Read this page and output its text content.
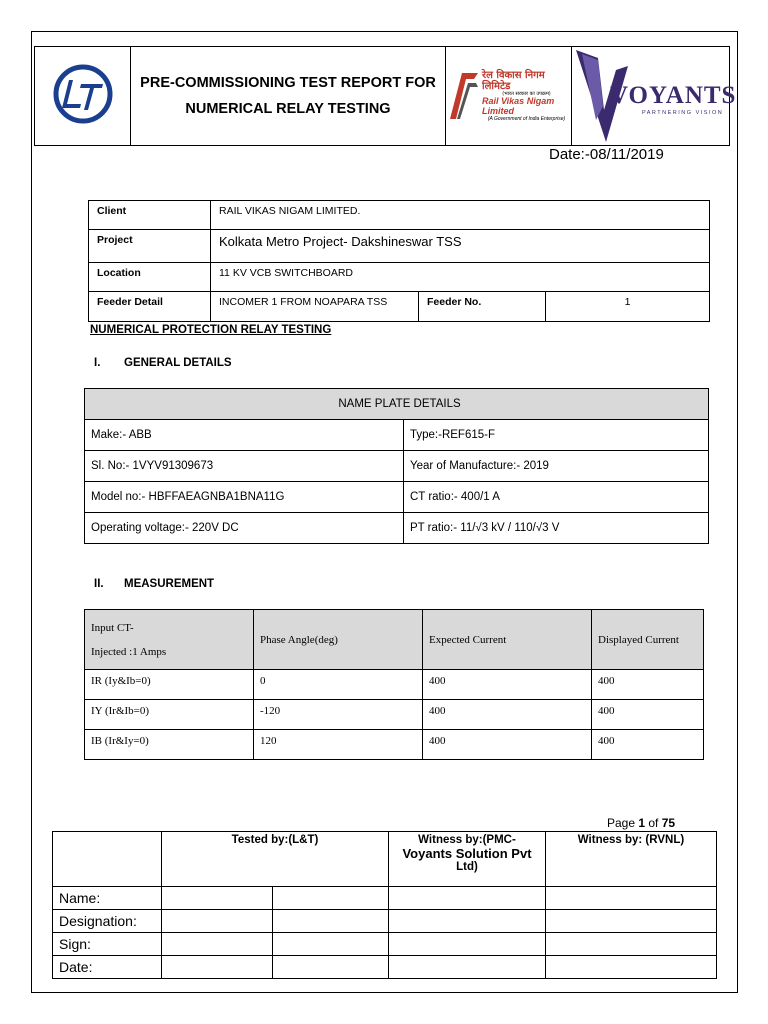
PRE-COMMISSIONING TEST REPORT FOR
NUMERICAL RELAY TESTING

रेल विकास निगम लिमिटेड
(भारत सरकार का उपक्रम)
Rail Vikas Nigam Limited
(A Government of India Enterprise)

VOYANTS
PARTNERING VISION
Date:-08/11/2019
Client	RAIL VIKAS NIGAM LIMITED.		
Project	Kolkata Metro Project- Dakshineswar TSS		
Location	11 KV VCB SWITCHBOARD		
Feeder Detail	INCOMER 1 FROM NOAPARA TSS	Feeder No.	1
NUMERICAL PROTECTION RELAY TESTING
I. GENERAL DETAILS
NAME PLATE DETAILS	
Make:- ABB	Type:-REF615-F
Sl. No:- 1VYV91309673	Year of Manufacture:- 2019
Model no:- HBFFAEAGNBA1BNA11G	CT ratio:- 400/1 A
Operating voltage:- 220V DC	PT ratio:- 11/√3 kV / 110/√3 V
II. MEASUREMENT
Input CT-
Injected :1 Amps	Phase Angle(deg)	Expected Current	Displayed Current
IR (Iy&Ib=0)	0	400	400
IY (Ir&Ib=0)	-120	400	400
IB (Ir&Iy=0)	120	400	400
Page 1 of 75
	Tested by:(L&T)		Witness by:(PMC-
Voyants Solution Pvt
Ltd)	Witness by: (RVNL)
Name:				
Designation:				
Sign:				
Date:				
